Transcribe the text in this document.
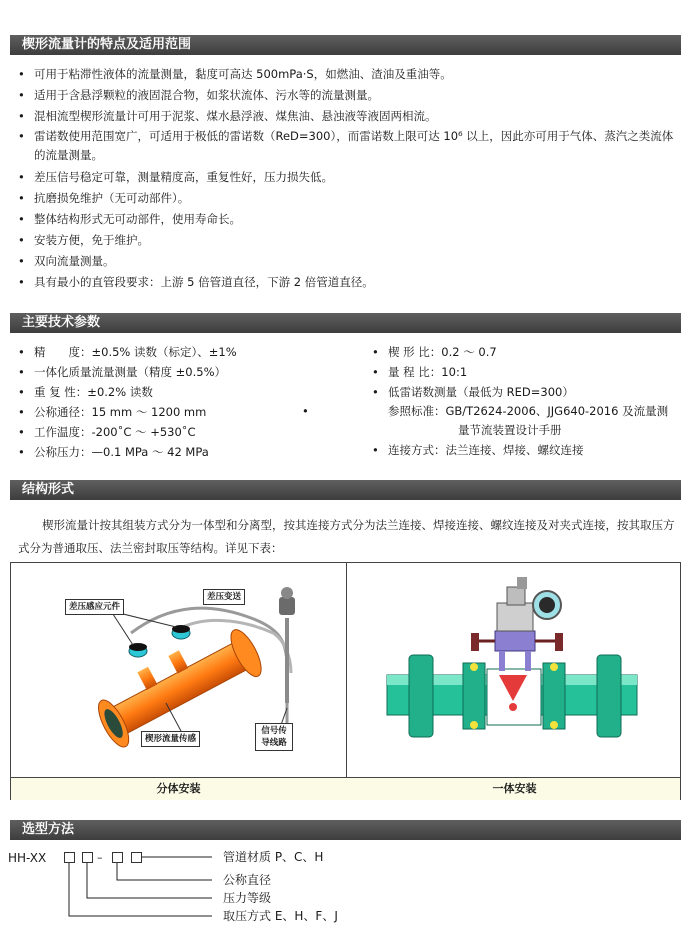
楔形流量计的特点及适用范围
• 可用于粘滞性液体的流量测量，黏度可高达 500mPa·S，如燃油、渣油及重油等。
• 适用于含悬浮颗粒的液固混合物，如浆状流体、污水等的流量测量。
• 混相流型楔形流量计可用于泥浆、煤水悬浮液、煤焦油、悬浊液等液固两相流。
• 雷诺数使用范围宽广，可适用于极低的雷诺数（ReD=300），而雷诺数上限可达 10⁶ 以上，因此亦可用于气体、蒸汽之类流体的流量测量。
• 差压信号稳定可靠，测量精度高，重复性好，压力损失低。
• 抗磨损免维护（无可动部件）。
• 整体结构形式无可动部件，使用寿命长。
• 安装方便，免于维护。
• 双向流量测量。
• 具有最小的直管段要求：上游 5 倍管道直径，下游 2 倍管道直径。
主要技术参数
• 精　　度：±0.5% 读数（标定）、±1%
• 一体化质量流量测量（精度 ±0.5%）
• 重 复 性：±0.2% 读数
• 公称通径：15 mm ～ 1200 mm
• 工作温度：-200˚C ～ +530˚C
• 公称压力：—0.1 MPa ～ 42 MPa
• 楔 形 比：0.2 ～ 0.7
• 量 程 比：10:1
• 低雷诺数测量（最低为 RED=300）
• 参照标准：GB/T2624-2006、JJG640-2016 及流量测量节流装置设计手册
• 连接方式：法兰连接、焊接、螺纹连接
结构形式

楔形流量计按其组装方式分为一体型和分离型，按其连接方式分为法兰连接、焊接连接、螺纹连接及对夹式连接，按其取压方式分为普通取压、法兰密封取压等结构。详见下表：

差压感应元件
差压变送
楔形流量传感
信号传导线路
分体安装	一体安装
选型方法
HH-XX	–	管道材质 P、C、H
公称直径
压力等级
取压方式 E、H、F、J
